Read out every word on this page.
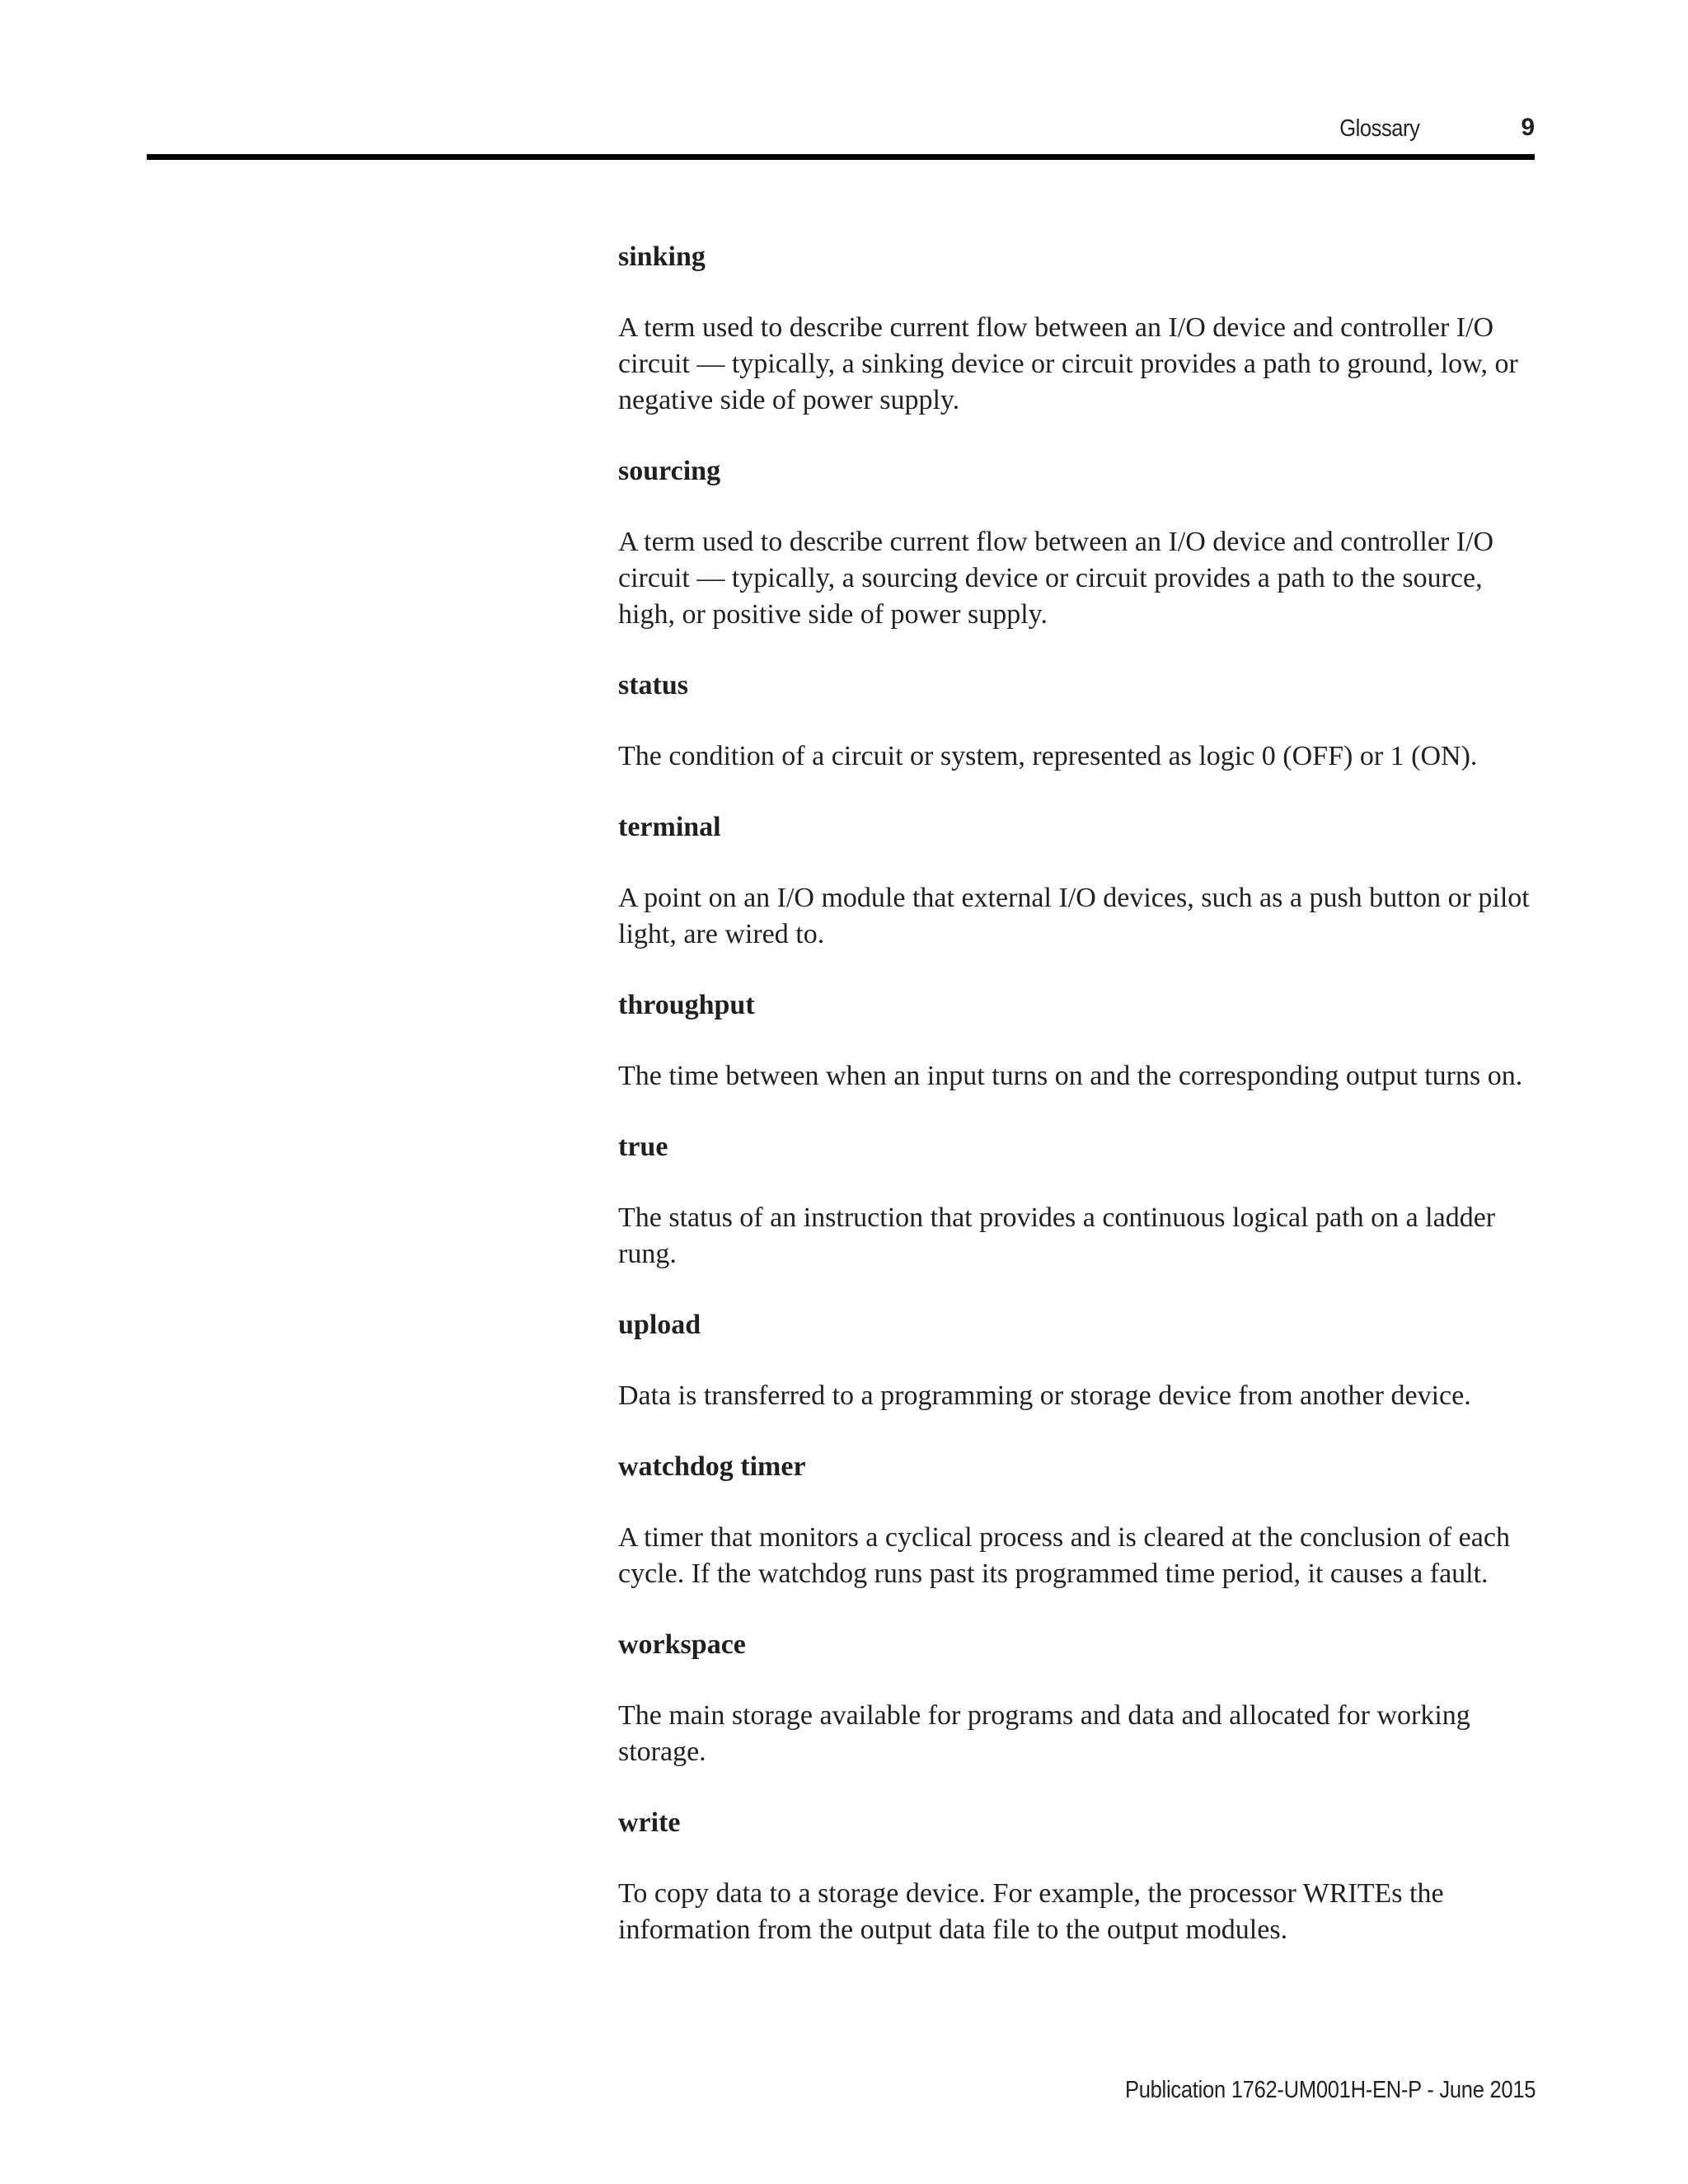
Glossary	9
sinking

A term used to describe current flow between an I/O device and controller I/O circuit — typically, a sinking device or circuit provides a path to ground, low, or negative side of power supply.

sourcing

A term used to describe current flow between an I/O device and controller I/O circuit — typically, a sourcing device or circuit provides a path to the source, high, or positive side of power supply.

status

The condition of a circuit or system, represented as logic 0 (OFF) or 1 (ON).

terminal

A point on an I/O module that external I/O devices, such as a push button or pilot light, are wired to.

throughput

The time between when an input turns on and the corresponding output turns on.

true

The status of an instruction that provides a continuous logical path on a ladder rung.

upload

Data is transferred to a programming or storage device from another device.

watchdog timer

A timer that monitors a cyclical process and is cleared at the conclusion of each cycle. If the watchdog runs past its programmed time period, it causes a fault.

workspace

The main storage available for programs and data and allocated for working storage.

write

To copy data to a storage device. For example, the processor WRITEs the information from the output data file to the output modules.

Publication 1762-UM001H-EN-P - June 2015
